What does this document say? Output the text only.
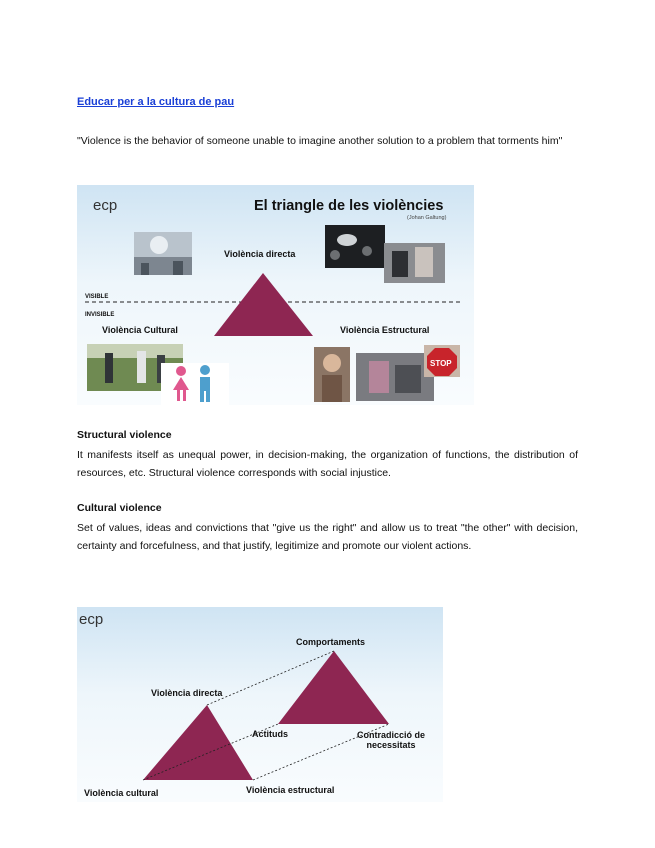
Educar per a la cultura de pau
"Violence is the behavior of someone unable to imagine another solution to a problem that torments him"
ecp	El triangle de les violències
(Johan Galtung)
Violència directa
VISIBLE
INVISIBLE
Violència Cultural	Violència Estructural
STOP
Structural violence
It manifests itself as unequal power, in decision-making, the organization of functions, the distribution of resources, etc. Structural violence corresponds with social injustice.
Cultural violence
Set of values, ideas and convictions that "give us the right" and allow us to treat "the other" with decision, certainty and forcefulness, and that justify, legitimize and promote our violent actions.
ecp
Comportaments
Violència directa
Actituds	Contradicció de
necessitats
Violència cultural	Violència estructural
